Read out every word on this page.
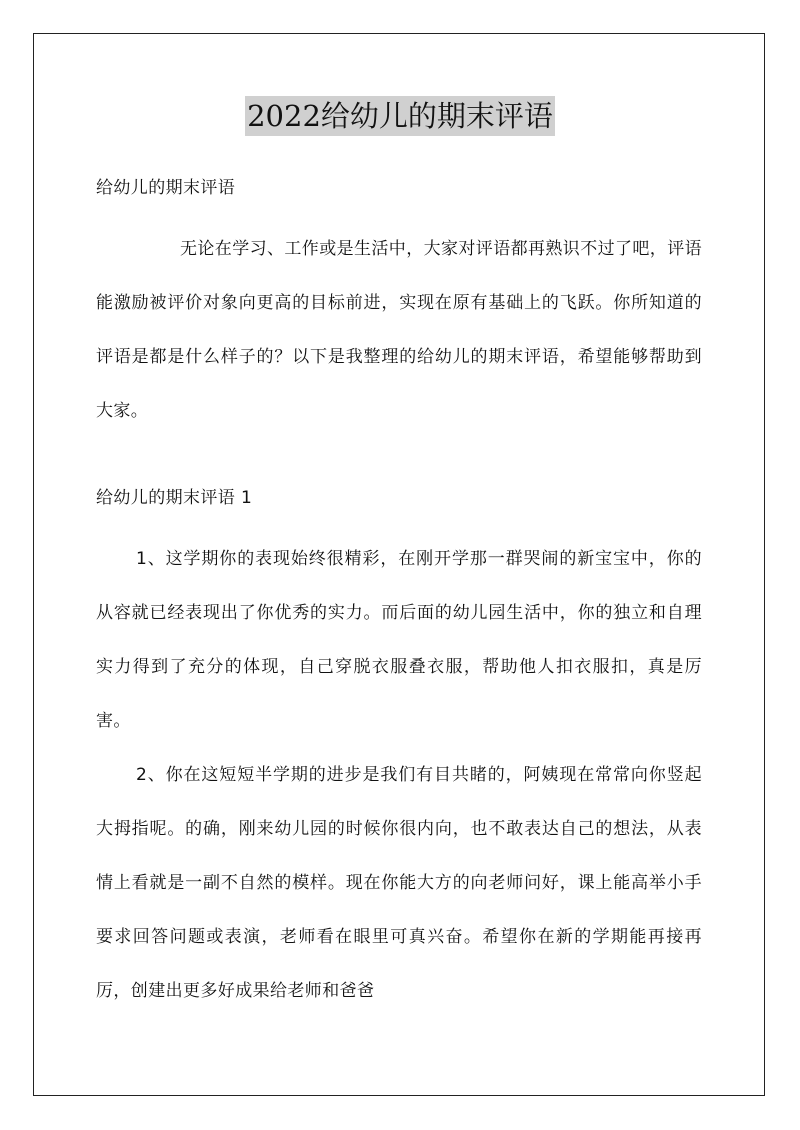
2022给幼儿的期末评语
给幼儿的期末评语
无论在学习、工作或是生活中，大家对评语都再熟识不过了吧，评语能激励被评价对象向更高的目标前进，实现在原有基础上的飞跃。你所知道的评语是都是什么样子的？以下是我整理的给幼儿的期末评语，希望能够帮助到大家。
给幼儿的期末评语 1
1、这学期你的表现始终很精彩，在刚开学那一群哭闹的新宝宝中，你的从容就已经表现出了你优秀的实力。而后面的幼儿园生活中，你的独立和自理实力得到了充分的体现，自己穿脱衣服叠衣服，帮助他人扣衣服扣，真是厉害。
2、你在这短短半学期的进步是我们有目共睹的，阿姨现在常常向你竖起大拇指呢。的确，刚来幼儿园的时候你很内向，也不敢表达自己的想法，从表情上看就是一副不自然的模样。现在你能大方的向老师问好，课上能高举小手要求回答问题或表演，老师看在眼里可真兴奋。希望你在新的学期能再接再厉，创建出更多好成果给老师和爸爸
